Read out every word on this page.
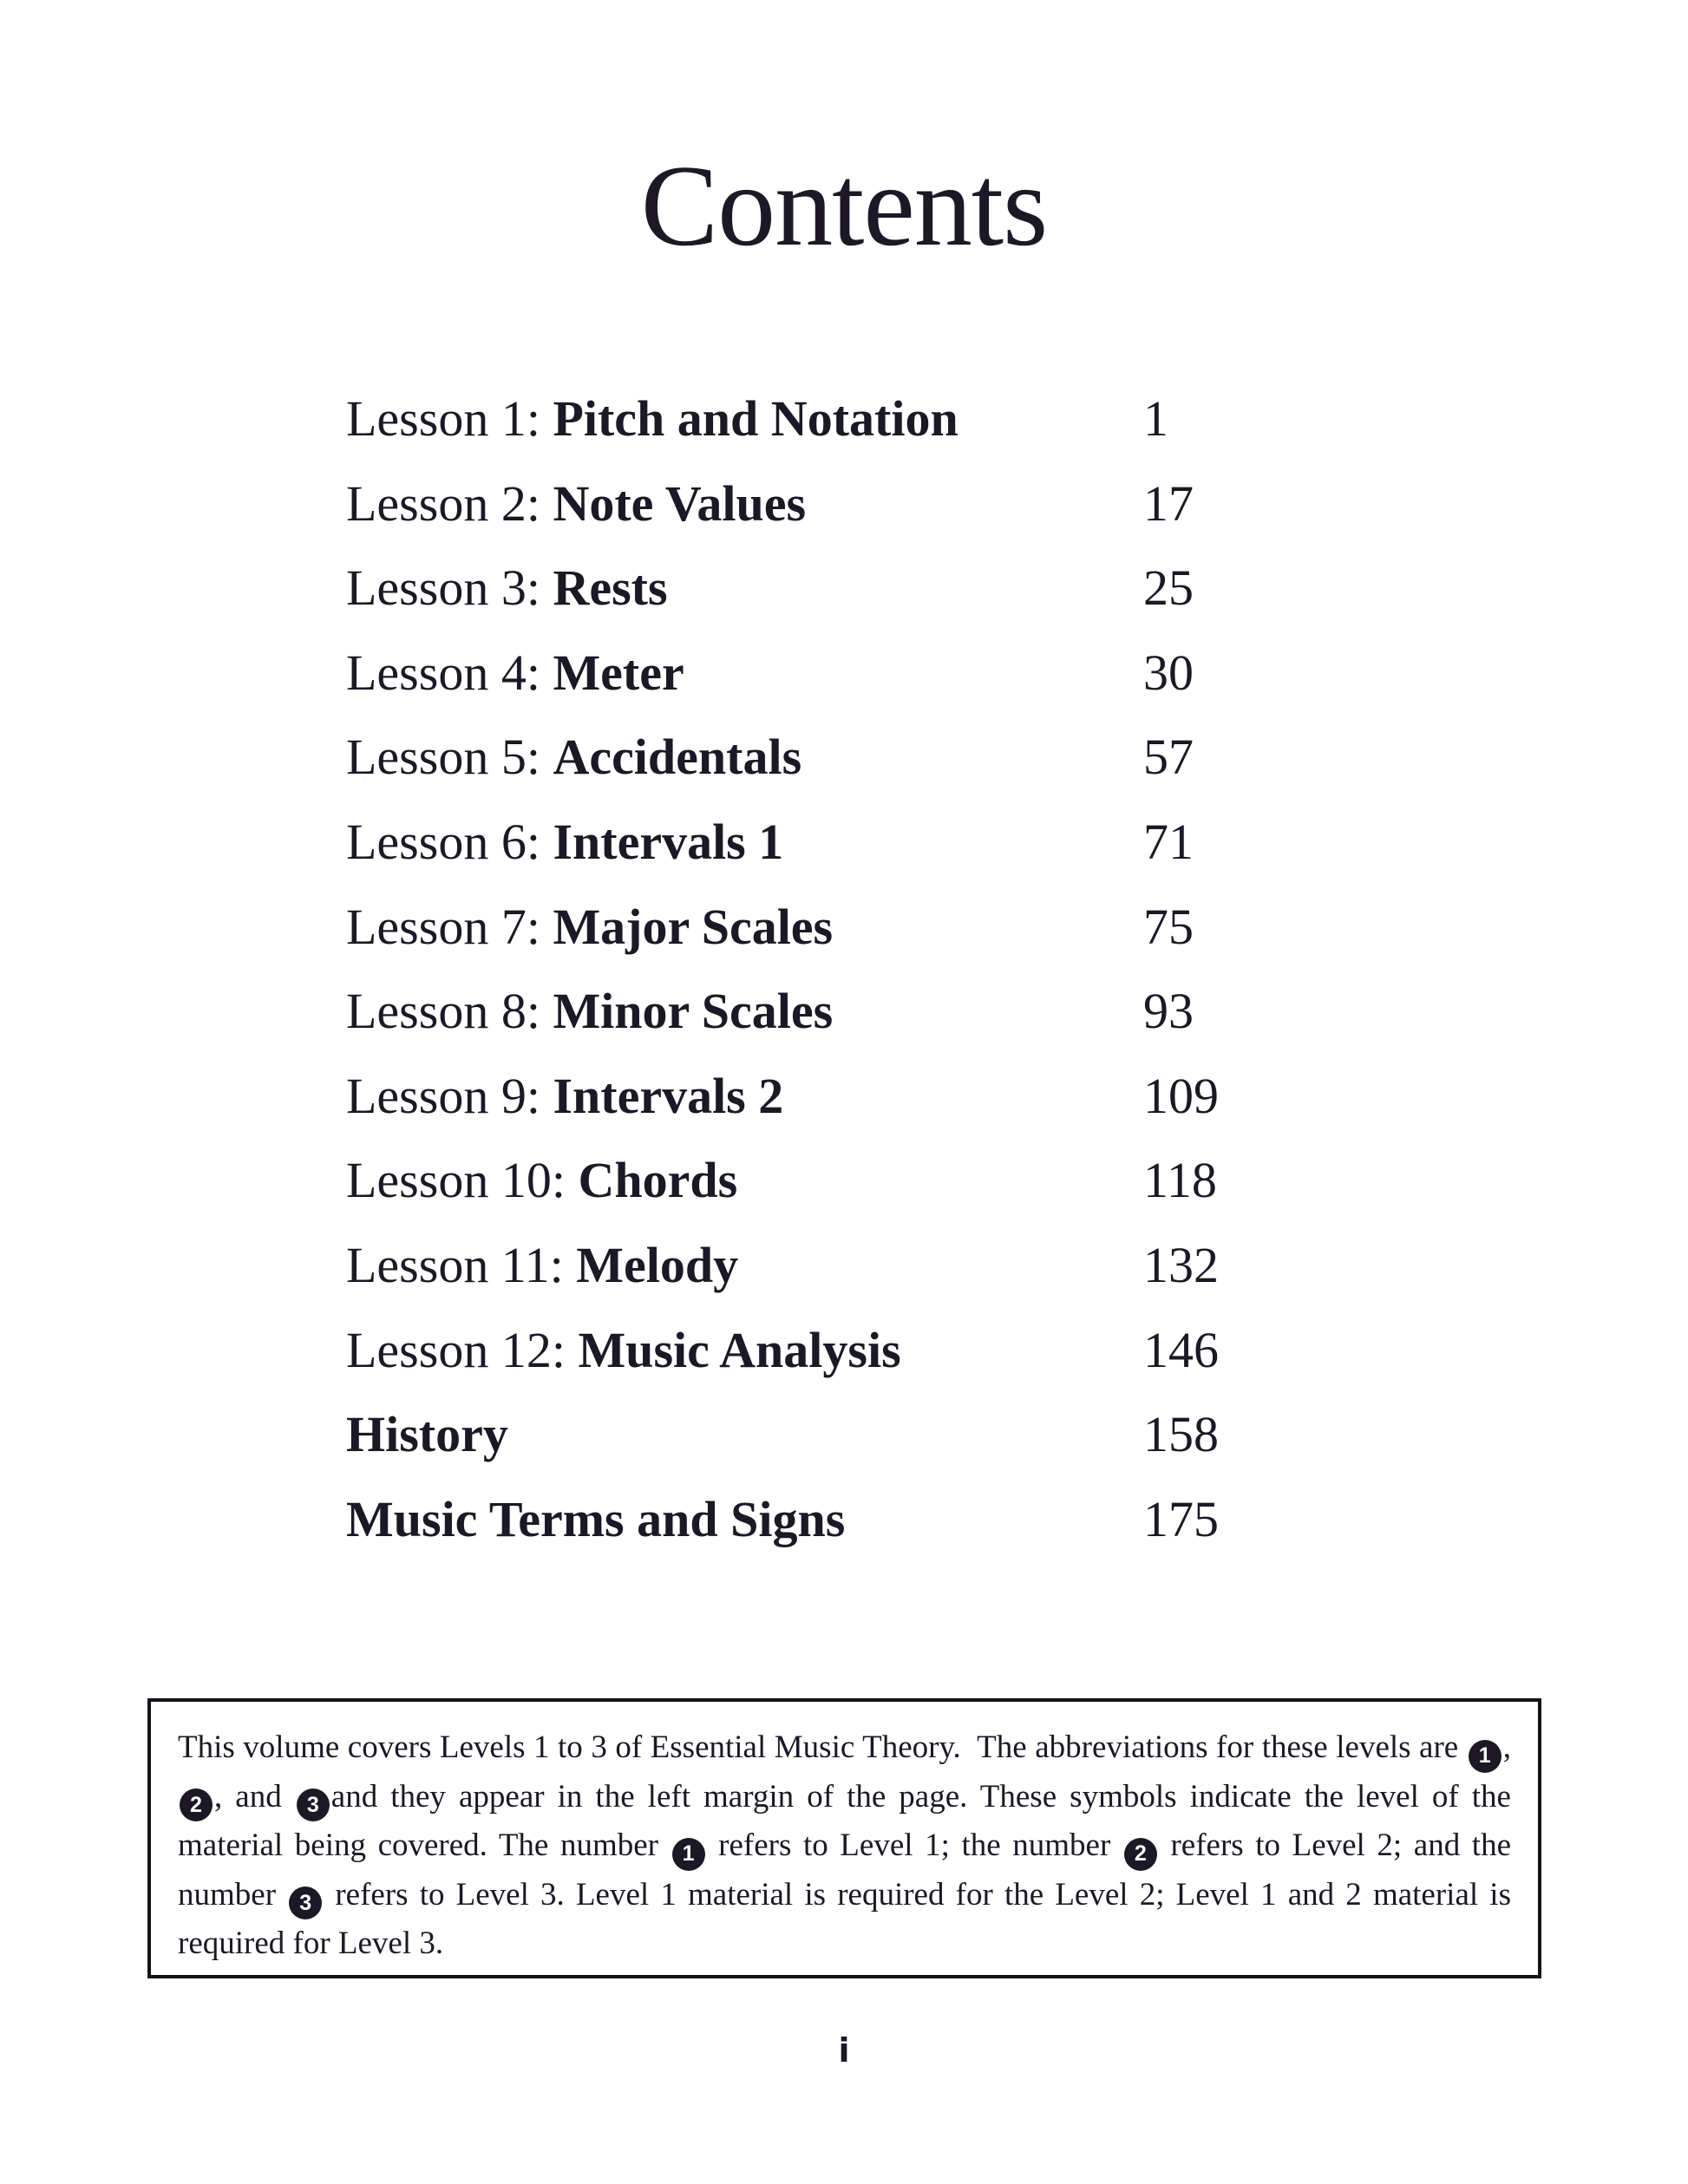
Contents
Lesson 1: Pitch and Notation	1
Lesson 2: Note Values	17
Lesson 3: Rests	25
Lesson 4: Meter	30
Lesson 5: Accidentals	57
Lesson 6: Intervals 1	71
Lesson 7: Major Scales	75
Lesson 8: Minor Scales	93
Lesson 9: Intervals 2	109
Lesson 10: Chords	118
Lesson 11: Melody	132
Lesson 12: Music Analysis	146
History	158
Music Terms and Signs	175

This volume covers Levels 1 to 3 of Essential Music Theory.  The abbreviations for these levels are 1 , 2 , and 3 and they appear in the left margin of the page. These symbols indicate the level of the material being covered. The number 1 refers to Level 1; the number 2 refers to Level 2; and the number 3 refers to Level 3. Level 1 material is required for the Level 2; Level 1 and 2 material is required for Level 3.

i
